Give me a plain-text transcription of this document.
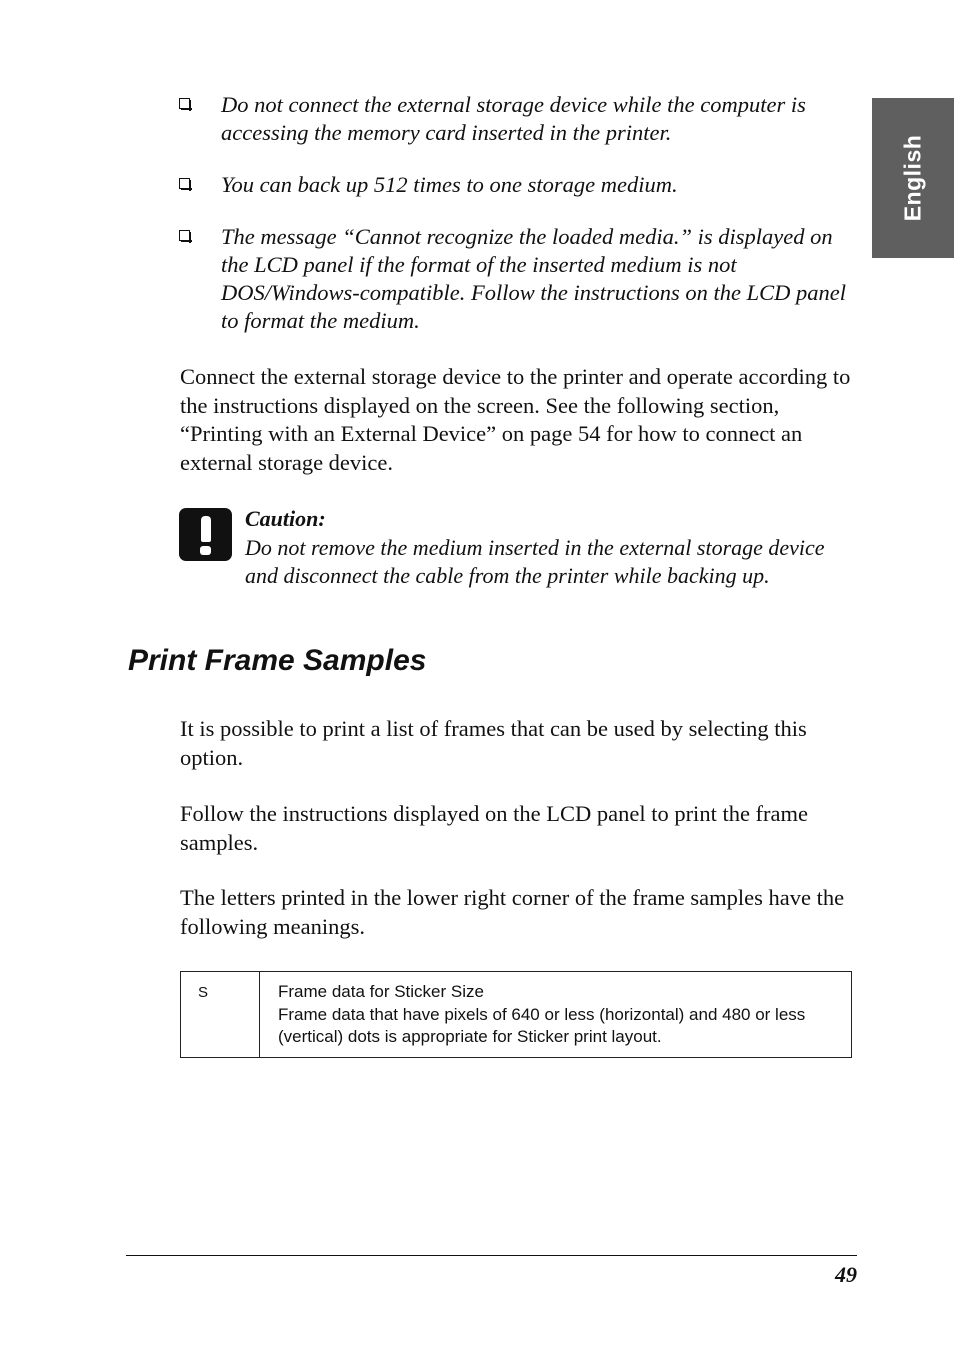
English
Do not connect the external storage device while the computer is accessing the memory card inserted in the printer.
You can back up 512 times to one storage medium.
The message “Cannot recognize the loaded media.” is displayed on the LCD panel if the format of the inserted medium is not DOS/Windows-compatible. Follow the instructions on the LCD panel to format the medium.

Connect the external storage device to the printer and operate according to the instructions displayed on the screen. See the following section, “Printing with an External Device” on page 54 for how to connect an external storage device.

Caution:
Do not remove the medium inserted in the external storage device and disconnect the cable from the printer while backing up.
Print Frame Samples

It is possible to print a list of frames that can be used by selecting this option.

Follow the instructions displayed on the LCD panel to print the frame samples.

The letters printed in the lower right corner of the frame samples have the following meanings.

S	Frame data for Sticker Size
Frame data that have pixels of 640 or less (horizontal) and 480 or less (vertical) dots is appropriate for Sticker print layout.
49
